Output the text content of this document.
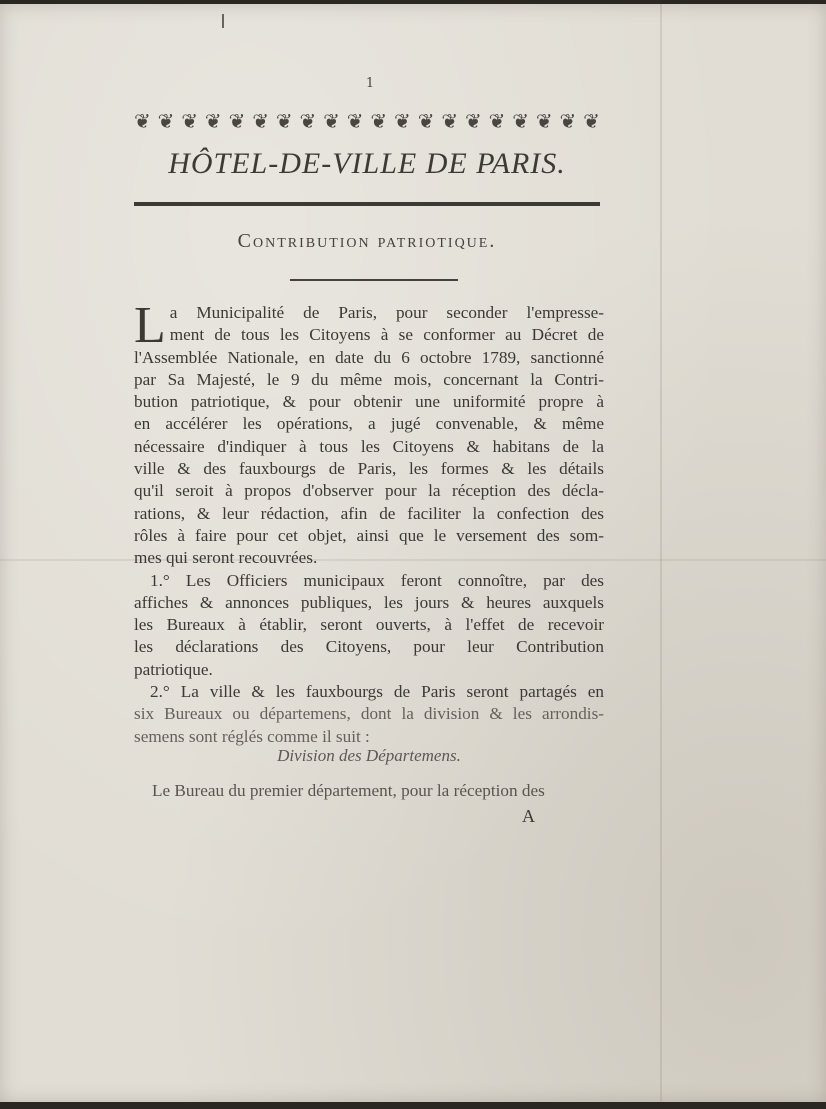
1
❦ ❦ ❦ ❦ ❦ ❦ ❦ ❦ ❦ ❦ ❦ ❦ ❦ ❦ ❦ ❦ ❦ ❦ ❦ ❦
HÔTEL-DE-VILLE DE PARIS.
Contribution patriotique.
L a Municipalité de Paris, pour seconder l'empresse-
ment de tous les Citoyens à se conformer au Décret de
l'Assemblée Nationale, en date du 6 octobre 1789, sanctionné
par Sa Majesté, le 9 du même mois, concernant la Contri-
bution patriotique, & pour obtenir une uniformité propre à
en accélérer les opérations, a jugé convenable, & même
nécessaire d'indiquer à tous les Citoyens & habitans de la
ville & des fauxbourgs de Paris, les formes & les détails
qu'il seroit à propos d'observer pour la réception des décla-
rations, & leur rédaction, afin de faciliter la confection des
rôles à faire pour cet objet, ainsi que le versement des som-
mes qui seront recouvrées.
1.° Les Officiers municipaux feront connoître, par des
affiches & annonces publiques, les jours & heures auxquels
les Bureaux à établir, seront ouverts, à l'effet de recevoir
les déclarations des Citoyens, pour leur Contribution
patriotique.
2.° La ville & les fauxbourgs de Paris seront partagés en
six Bureaux ou départemens, dont la division & les arrondis-
semens sont réglés comme il suit :
Division des Départemens.
Le Bureau du premier département, pour la réception des
A
